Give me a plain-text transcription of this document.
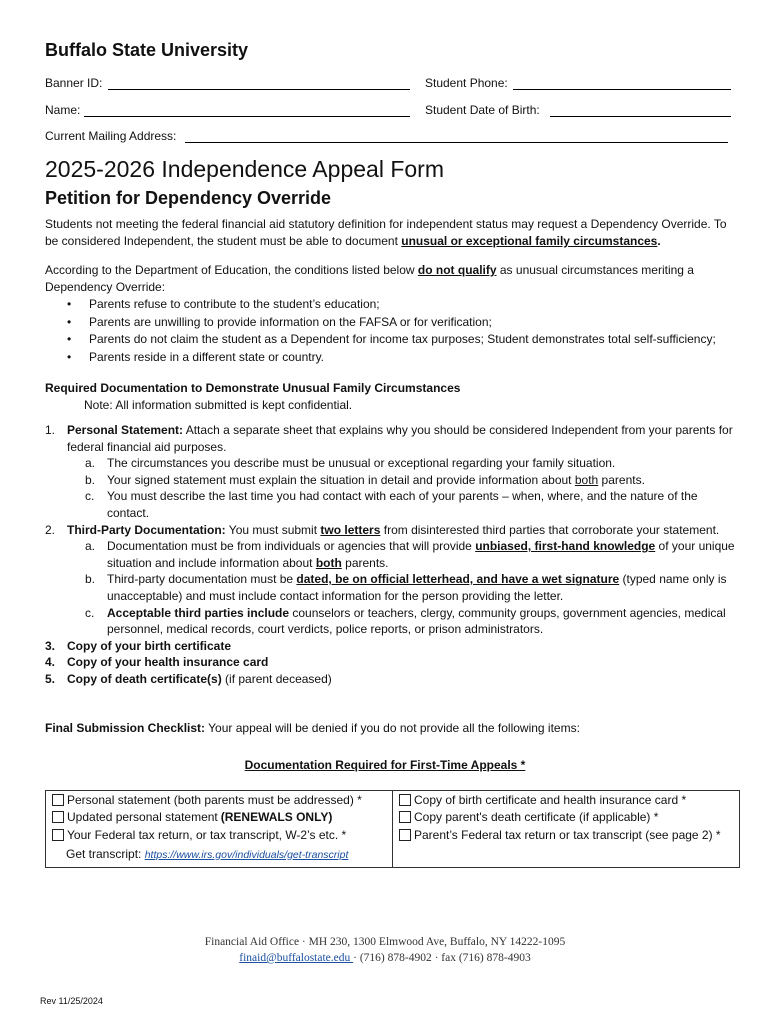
Buffalo State University
Banner ID:	Student Phone:
Name:	Student Date of Birth:
Current Mailing Address:
2025-2026 Independence Appeal Form
Petition for Dependency Override
Students not meeting the federal financial aid statutory definition for independent status may request a Dependency Override. To be considered Independent, the student must be able to document unusual or exceptional family circumstances.
According to the Department of Education, the conditions listed below do not qualify as unusual circumstances meriting a Dependency Override:
• Parents refuse to contribute to the student’s education;
• Parents are unwilling to provide information on the FAFSA or for verification;
• Parents do not claim the student as a Dependent for income tax purposes; Student demonstrates total self-sufficiency;
• Parents reside in a different state or country.
Required Documentation to Demonstrate Unusual Family Circumstances
Note: All information submitted is kept confidential.
1. Personal Statement: Attach a separate sheet that explains why you should be considered Independent from your parents for federal financial aid purposes.
a. The circumstances you describe must be unusual or exceptional regarding your family situation.
b. Your signed statement must explain the situation in detail and provide information about both parents.
c. You must describe the last time you had contact with each of your parents – when, where, and the nature of the contact.
2. Third-Party Documentation: You must submit two letters from disinterested third parties that corroborate your statement.
a. Documentation must be from individuals or agencies that will provide unbiased, first-hand knowledge of your unique situation and include information about both parents.
b. Third-party documentation must be dated, be on official letterhead, and have a wet signature (typed name only is unacceptable) and must include contact information for the person providing the letter.
c. Acceptable third parties include counselors or teachers, clergy, community groups, government agencies, medical personnel, medical records, court verdicts, police reports, or prison administrators.
3. Copy of your birth certificate
4. Copy of your health insurance card
5. Copy of death certificate(s) (if parent deceased)
Final Submission Checklist: Your appeal will be denied if you do not provide all the following items:
Documentation Required for First-Time Appeals *
Personal statement (both parents must be addressed) *
Updated personal statement (RENEWALS ONLY)
Your Federal tax return, or tax transcript, W-2’s etc. *
Get transcript: https://www.irs.gov/individuals/get-transcript
Copy of birth certificate and health insurance card *
Copy parent's death certificate (if applicable) *
Parent’s Federal tax return or tax transcript (see page 2) *
Financial Aid Office · MH 230, 1300 Elmwood Ave, Buffalo, NY 14222-1095
finaid@buffalostate.edu · (716) 878-4902 · fax (716) 878-4903
Rev 11/25/2024
